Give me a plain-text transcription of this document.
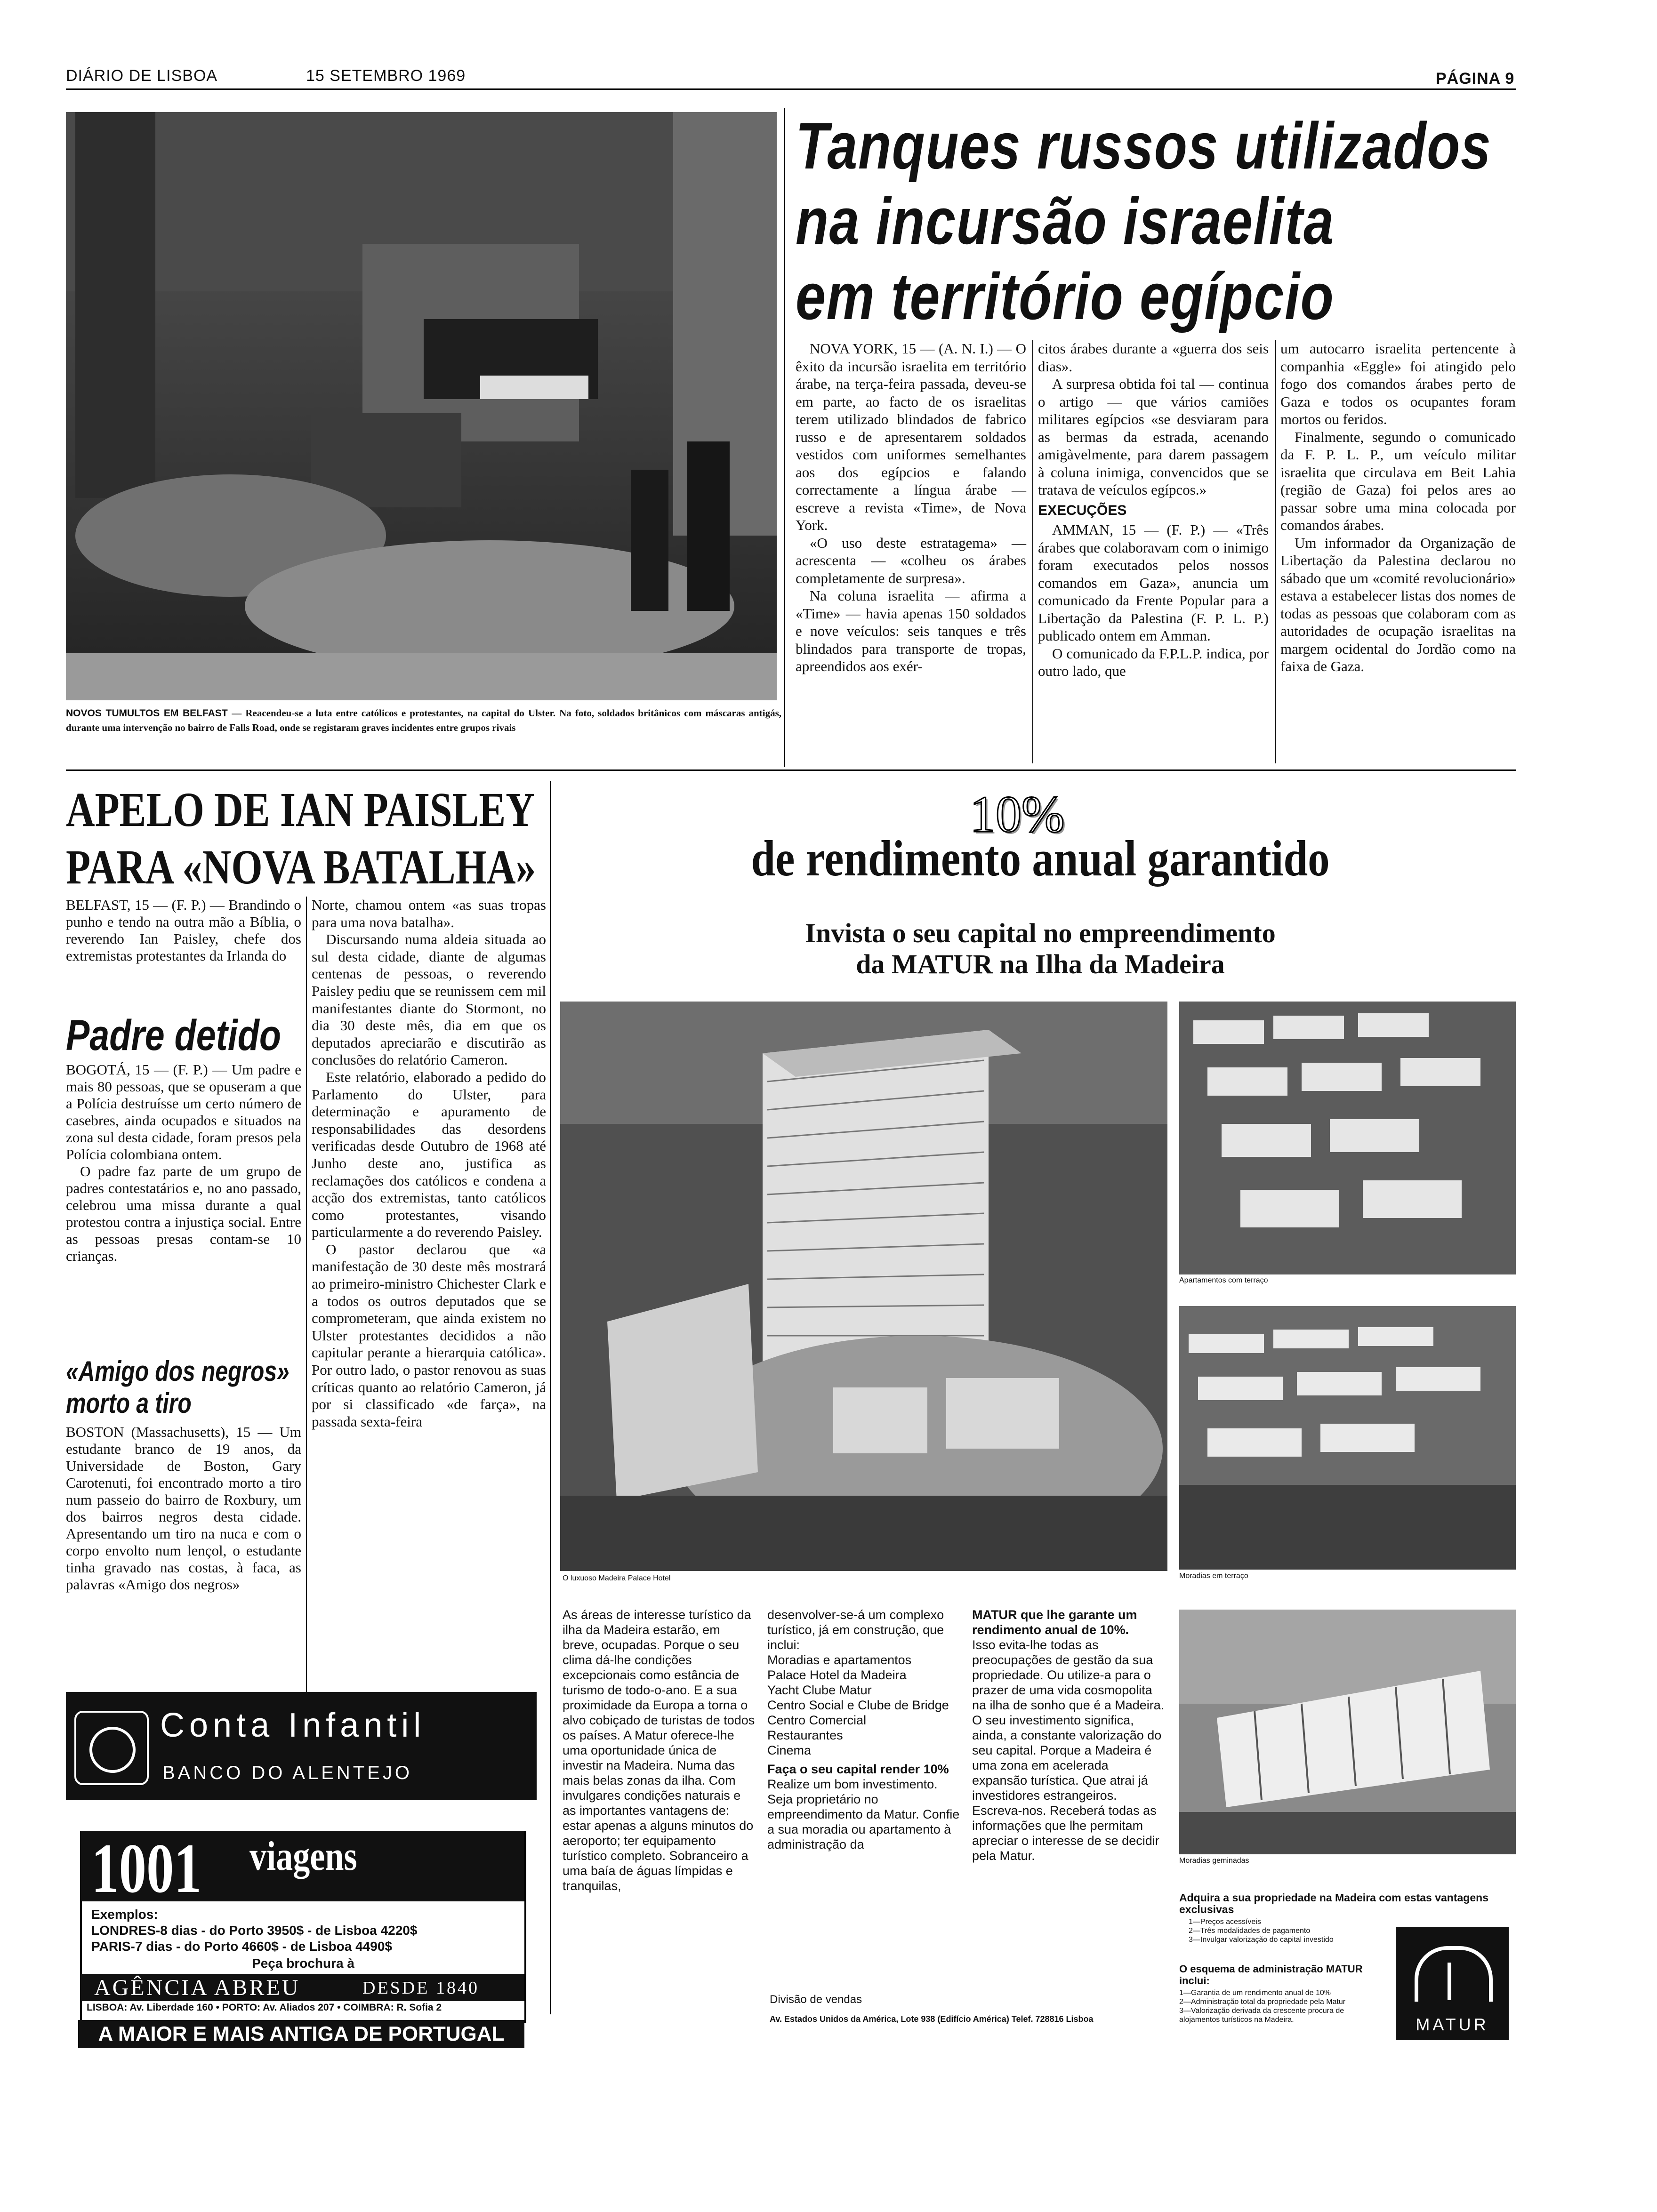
DIÁRIO DE LISBOA	15 SETEMBRO 1969	PÁGINA 9
NOVOS TUMULTOS EM BELFAST — Reacendeu-se a luta entre católicos e protestantes, na capital do Ulster. Na foto, soldados britânicos com máscaras antigás, durante uma intervenção no bairro de Falls Road, onde se registaram graves incidentes entre grupos rivais
Tanques russos utilizados
na incursão israelita
em território egípcio

NOVA YORK, 15 — (A. N. I.) — O êxito da incursão israelita em território árabe, na terça-feira passada, deveu-se em parte, ao facto de os israelitas terem utilizado blindados de fabrico russo e de apresentarem soldados vestidos com uniformes semelhantes aos dos egípcios e falando correctamente a língua árabe — escreve a revista «Time», de Nova York.

«O uso deste estratagema» — acrescenta — «colheu os árabes completamente de surpresa».

Na coluna israelita — afirma a «Time» — havia apenas 150 soldados e nove veículos: seis tanques e três blindados para transporte de tropas, apreendidos aos exér-

citos árabes durante a «guerra dos seis dias».

A surpresa obtida foi tal — continua o artigo — que vários camiões militares egípcios «se desviaram para as bermas da estrada, acenando amigàvelmente, para darem passagem à coluna inimiga, convencidos que se tratava de veículos egípcos.»

EXECUÇÕES

AMMAN, 15 — (F. P.) — «Três árabes que colaboravam com o inimigo foram executados pelos nossos comandos em Gaza», anuncia um comunicado da Frente Popular para a Libertação da Palestina (F. P. L. P.) publicado ontem em Amman.

O comunicado da F.P.L.P. indica, por outro lado, que

um autocarro israelita pertencente à companhia «Eggle» foi atingido pelo fogo dos comandos árabes perto de Gaza e todos os ocupantes foram mortos ou feridos.

Finalmente, segundo o comunicado da F. P. L. P., um veículo militar israelita que circulava em Beit Lahia (região de Gaza) foi pelos ares ao passar sobre uma mina colocada por comandos árabes.

Um informador da Organização de Libertação da Palestina declarou no sábado que um «comité revolucionário» estava a estabelecer listas dos nomes de todas as pessoas que colaboram com as autoridades de ocupação israelitas na margem ocidental do Jordão como na faixa de Gaza.

APELO DE IAN PAISLEY
PARA «NOVA BATALHA»

BELFAST, 15 — (F. P.) — Brandindo o punho e tendo na outra mão a Bíblia, o reverendo Ian Paisley, chefe dos extremistas protestantes da Irlanda do

Norte, chamou ontem «as suas tropas para uma nova batalha».

Discursando numa aldeia situada ao sul desta cidade, diante de algumas centenas de pessoas, o reverendo Paisley pediu que se reunissem cem mil manifestantes diante do Stormont, no dia 30 deste mês, dia em que os deputados apreciarão e discutirão as conclusões do relatório Cameron.

Este relatório, elaborado a pedido do Parlamento do Ulster, para determinação e apuramento de responsabilidades das desordens verificadas desde Outubro de 1968 até Junho deste ano, justifica as reclamações dos católicos e condena a acção dos extremistas, tanto católicos como protestantes, visando particularmente a do reverendo Paisley.

O pastor declarou que «a manifestação de 30 deste mês mostrará ao primeiro-ministro Chichester Clark e a todos os outros deputados que se comprometeram, que ainda existem no Ulster protestantes decididos a não capitular perante a hierarquia católica». Por outro lado, o pastor renovou as suas críticas quanto ao relatório Cameron, já por si classificado «de farça», na passada sexta-feira

Padre detido

BOGOTÁ, 15 — (F. P.) — Um padre e mais 80 pessoas, que se opuseram a que a Polícia destruísse um certo número de casebres, ainda ocupados e situados na zona sul desta cidade, foram presos pela Polícia colombiana ontem.

O padre faz parte de um grupo de padres contestatários e, no ano passado, celebrou uma missa durante a qual protestou contra a injustiça social. Entre as pessoas presas contam-se 10 crianças.

«Amigo dos negros»
morto a tiro

BOSTON (Massachusetts), 15 — Um estudante branco de 19 anos, da Universidade de Boston, Gary Carotenuti, foi encontrado morto a tiro num passeio do bairro de Roxbury, um dos bairros negros desta cidade. Apresentando um tiro na nuca e com o corpo envolto num lençol, o estudante tinha gravado nas costas, à faca, as palavras «Amigo dos negros»

Conta Infantil
BANCO DO ALENTEJO
1001 viagens
Exemplos:
LONDRES-8 dias - do Porto 3950$ - de Lisboa 4220$
PARIS-7 dias - do Porto 4660$ - de Lisboa 4490$
Peça brochura à
AGÊNCIA ABREU	DESDE 1840
LISBOA: Av. Liberdade 160 • PORTO: Av. Aliados 207 • COIMBRA: R. Sofia 2
A MAIOR E MAIS ANTIGA DE PORTUGAL
10%
de rendimento anual garantido
Invista o seu capital no empreendimento
da MATUR na Ilha da Madeira
O luxuoso Madeira Palace Hotel
Apartamentos com terraço
Moradias em terraço
Moradias geminadas
As áreas de interesse turístico da ilha da Madeira estarão, em breve, ocupadas. Porque o seu clima dá-lhe condições excepcionais como estância de turismo de todo-o-ano. E a sua proximidade da Europa a torna o alvo cobiçado de turistas de todos os países. A Matur oferece-lhe uma oportunidade única de investir na Madeira. Numa das mais belas zonas da ilha. Com invulgares condições naturais e as importantes vantagens de: estar apenas a alguns minutos do aeroporto; ter equipamento turístico completo. Sobranceiro a uma baía de águas límpidas e tranquilas,
desenvolver-se-á um complexo turístico, já em construção, que inclui:
Moradias e apartamentos
Palace Hotel da Madeira
Yacht Clube Matur
Centro Social e Clube de Bridge
Centro Comercial
Restaurantes
Cinema
Faça o seu capital render 10%
Realize um bom investimento. Seja proprietário no empreendimento da Matur. Confie a sua moradia ou apartamento à administração da
MATUR que lhe garante um rendimento anual de 10%.
Isso evita-lhe todas as preocupações de gestão da sua propriedade. Ou utilize-a para o prazer de uma vida cosmopolita na ilha de sonho que é a Madeira. O seu investimento significa, ainda, a constante valorização do seu capital. Porque a Madeira é uma zona em acelerada expansão turística. Que atrai já investidores estrangeiros. Escreva-nos. Receberá todas as informações que lhe permitam apreciar o interesse de se decidir pela Matur.
Adquira a sua propriedade na Madeira com estas vantagens exclusivas
1—Preços acessíveis
2—Três modalidades de pagamento
3—Invulgar valorização do capital investido
O esquema de administração MATUR inclui:
1—Garantia de um rendimento anual de 10%
2—Administração total da propriedade pela Matur
3—Valorização derivada da crescente procura de alojamentos turísticos na Madeira.	MATUR
Divisão de vendas
Av. Estados Unidos da América, Lote 938 (Edifício América) Telef. 728816 Lisboa
